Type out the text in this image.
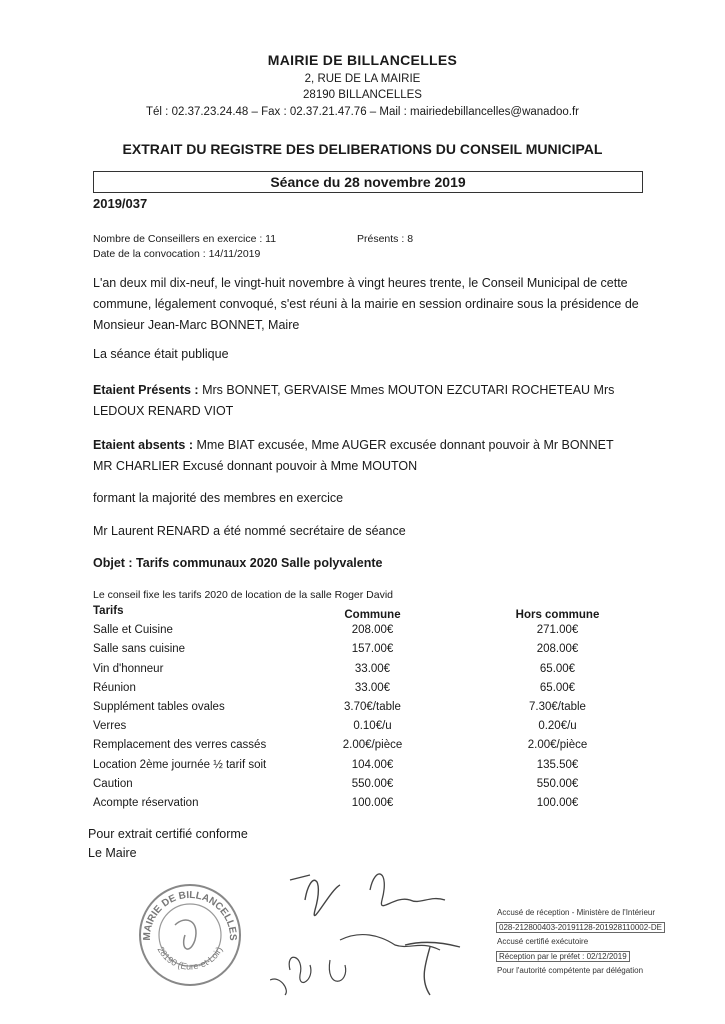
MAIRIE DE BILLANCELLES
2, RUE DE LA MAIRIE
28190 BILLANCELLES
Tél : 02.37.23.24.48 – Fax : 02.37.21.47.76 – Mail : mairiedebillancelles@wanadoo.fr
EXTRAIT DU REGISTRE DES DELIBERATIONS DU CONSEIL MUNICIPAL
Séance du 28 novembre 2019
2019/037
Nombre de Conseillers en exercice : 11	Présents : 8
Date de la convocation : 14/11/2019
L'an deux mil dix-neuf, le vingt-huit novembre à vingt heures trente, le Conseil Municipal de cette commune, légalement convoqué, s'est réuni à la mairie en session ordinaire sous la présidence de Monsieur Jean-Marc BONNET, Maire
La séance était publique
Etaient Présents : Mrs BONNET, GERVAISE Mmes MOUTON EZCUTARI ROCHETEAU Mrs LEDOUX RENARD VIOT
Etaient absents : Mme BIAT excusée, Mme AUGER excusée donnant pouvoir à Mr BONNET
MR CHARLIER Excusé donnant pouvoir à Mme MOUTON
formant la majorité des membres en exercice
Mr Laurent RENARD a été nommé secrétaire de séance
Objet : Tarifs communaux 2020 Salle polyvalente
Le conseil fixe les tarifs 2020 de location de la salle Roger David
Tarifs	Commune	Hors commune
Salle et Cuisine	208.00€	271.00€
Salle sans cuisine	157.00€	208.00€
Vin d'honneur	33.00€	65.00€
Réunion	33.00€	65.00€
Supplément tables ovales	3.70€/table	7.30€/table
Verres	0.10€/u	0.20€/u
Remplacement des verres cassés	2.00€/pièce	2.00€/pièce
Location 2ème journée ½ tarif soit	104.00€	135.50€
Caution	550.00€	550.00€
Acompte réservation	100.00€	100.00€
Pour extrait certifié conforme
Le Maire
MAIRIE DE BILLANCELLES
28190 (Eure-et-Loir)
Accusé de réception - Ministère de l'Intérieur
028-212800403-20191128-201928110002-DE
Accusé certifié exécutoire
Réception par le préfet : 02/12/2019
Pour l'autorité compétente par délégation
